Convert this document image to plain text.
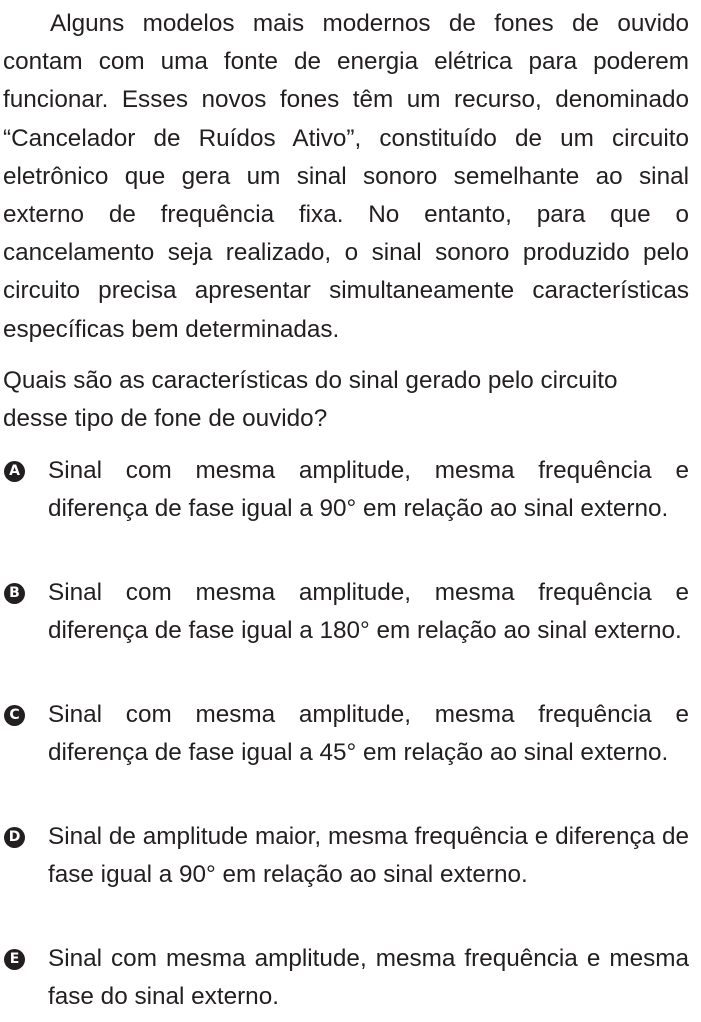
Alguns modelos mais modernos de fones de ouvido contam com uma fonte de energia elétrica para poderem funcionar. Esses novos fones têm um recurso, denominado “Cancelador de Ruídos Ativo”, constituído de um circuito eletrônico que gera um sinal sonoro semelhante ao sinal externo de frequência fixa. No entanto, para que o cancelamento seja realizado, o sinal sonoro produzido pelo circuito precisa apresentar simultaneamente características específicas bem determinadas.

Quais são as características do sinal gerado pelo circuito desse tipo de fone de ouvido?

A Sinal com mesma amplitude, mesma frequência e diferença de fase igual a 90° em relação ao sinal externo.
B Sinal com mesma amplitude, mesma frequência e diferença de fase igual a 180° em relação ao sinal externo.
C Sinal com mesma amplitude, mesma frequência e diferença de fase igual a 45° em relação ao sinal externo.
D Sinal de amplitude maior, mesma frequência e diferença de fase igual a 90° em relação ao sinal externo.
E Sinal com mesma amplitude, mesma frequência e mesma fase do sinal externo.
